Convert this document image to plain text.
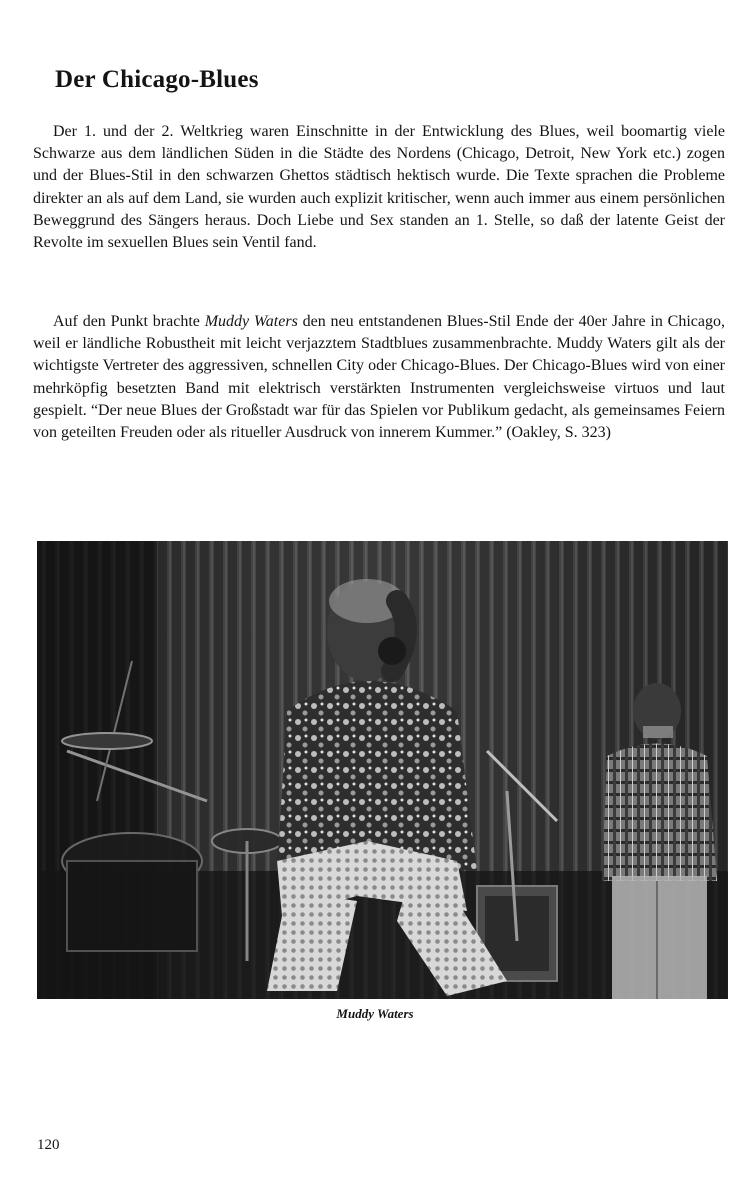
Der Chicago-Blues

Der 1. und der 2. Weltkrieg waren Einschnitte in der Entwicklung des Blues, weil boomartig viele Schwarze aus dem ländlichen Süden in die Städte des Nordens (Chicago, Detroit, New York etc.) zogen und der Blues-Stil in den schwarzen Ghettos städtisch hektisch wurde. Die Texte sprachen die Probleme direkter an als auf dem Land, sie wurden auch explizit kritischer, wenn auch immer aus einem persönlichen Beweggrund des Sängers heraus. Doch Liebe und Sex standen an 1. Stelle, so daß der latente Geist der Revolte im sexuellen Blues sein Ventil fand.

Auf den Punkt brachte Muddy Waters den neu entstandenen Blues-Stil Ende der 40er Jahre in Chicago, weil er ländliche Robustheit mit leicht verjazztem Stadtblues zusammenbrachte. Muddy Waters gilt als der wichtigste Vertreter des aggressiven, schnellen City oder Chicago-Blues. Der Chicago-Blues wird von einer mehrköpfig besetzten Band mit elektrisch verstärkten Instrumenten vergleichsweise virtuos und laut gespielt. “Der neue Blues der Großstadt war für das Spielen vor Publikum gedacht, als gemeinsames Feiern von geteilten Freuden oder als ritueller Ausdruck von innerem Kummer.” (Oakley, S. 323)

Muddy Waters
120
